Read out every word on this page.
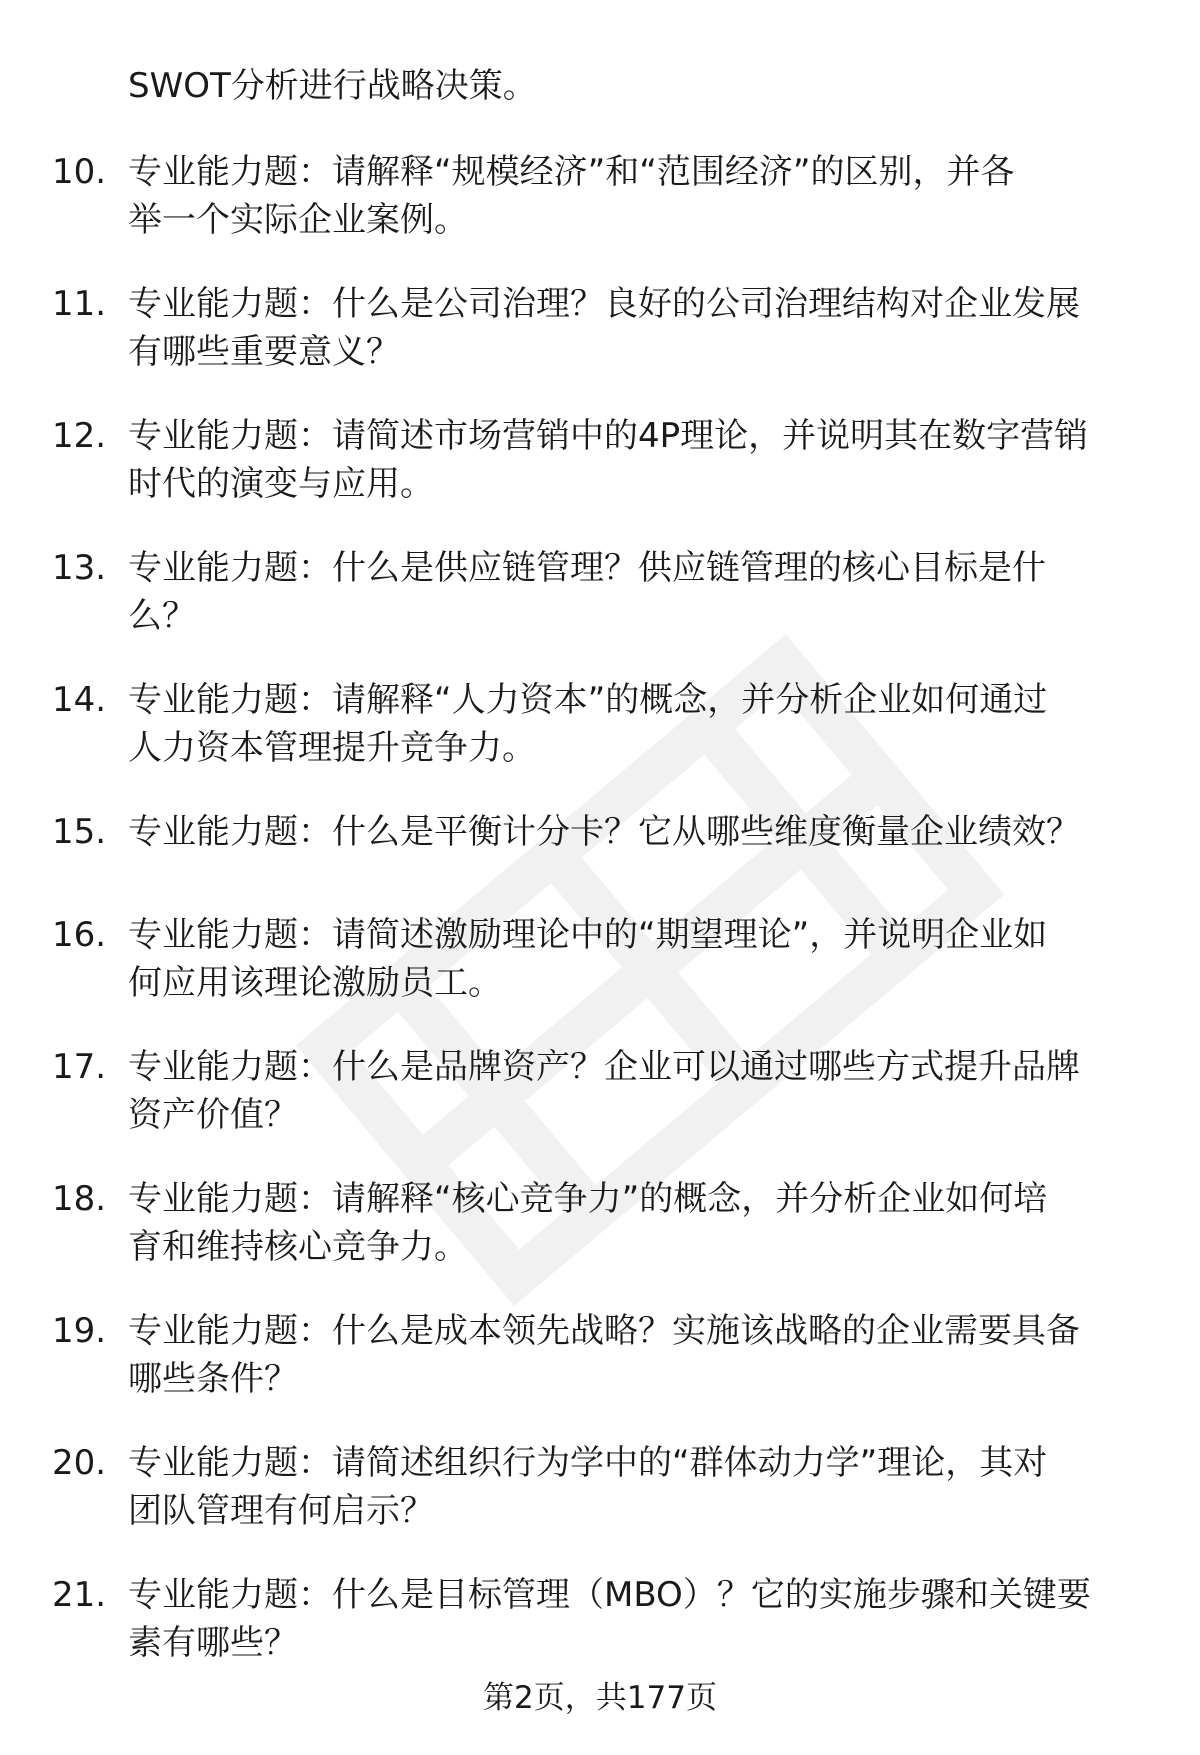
SWOT分析进行战略决策。

10. 专业能力题：请解释“规模经济”和“范围经济”的区别，并各
举一个实际企业案例。

11. 专业能力题：什么是公司治理？良好的公司治理结构对企业发展
有哪些重要意义？

12. 专业能力题：请简述市场营销中的4P理论，并说明其在数字营销
时代的演变与应用。

13. 专业能力题：什么是供应链管理？供应链管理的核心目标是什
么？

14. 专业能力题：请解释“人力资本”的概念，并分析企业如何通过
人力资本管理提升竞争力。

15. 专业能力题：什么是平衡计分卡？它从哪些维度衡量企业绩效？

16. 专业能力题：请简述激励理论中的“期望理论”，并说明企业如
何应用该理论激励员工。

17. 专业能力题：什么是品牌资产？企业可以通过哪些方式提升品牌
资产价值？

18. 专业能力题：请解释“核心竞争力”的概念，并分析企业如何培
育和维持核心竞争力。

19. 专业能力题：什么是成本领先战略？实施该战略的企业需要具备
哪些条件？

20. 专业能力题：请简述组织行为学中的“群体动力学”理论，其对
团队管理有何启示？

21. 专业能力题：什么是目标管理（MBO）？它的实施步骤和关键要
素有哪些？

第2页，共177页
